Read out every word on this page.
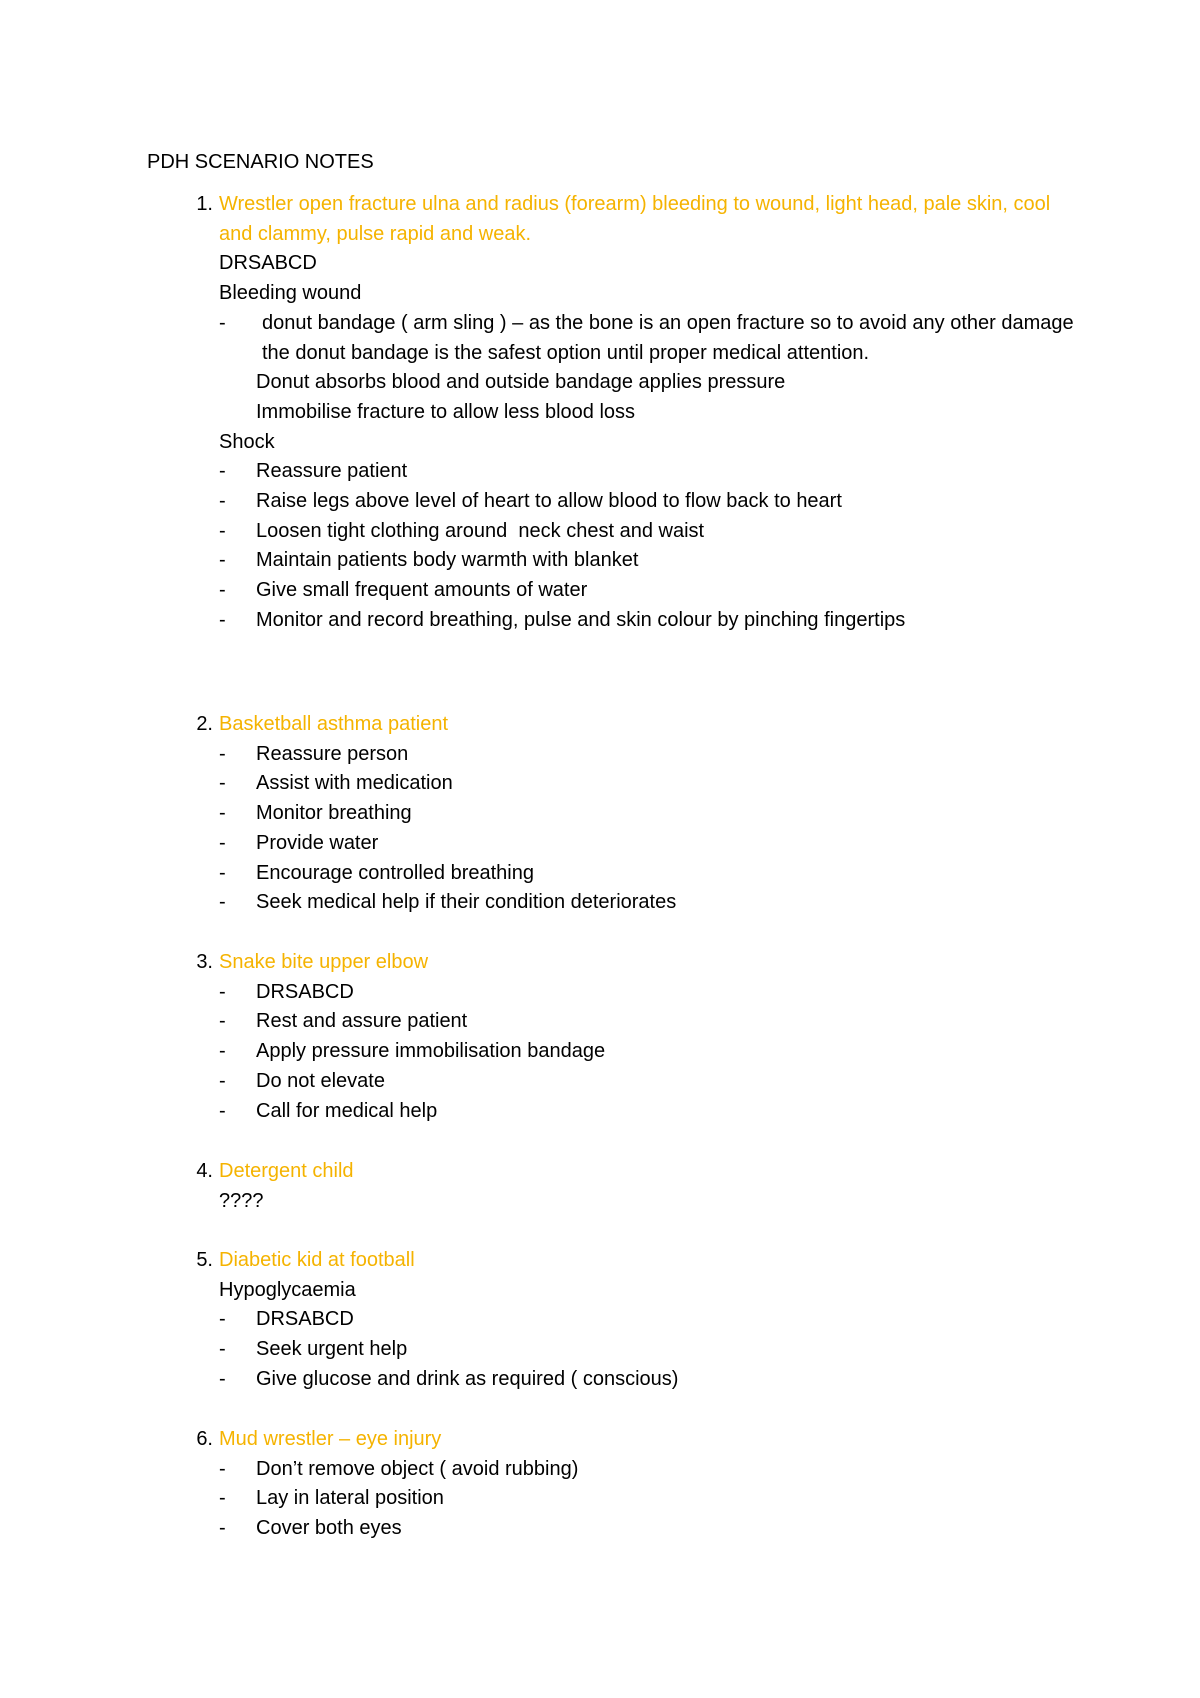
PDH SCENARIO NOTES
1. Wrestler open fracture ulna and radius (forearm) bleeding to wound, light head, pale skin, cool and clammy, pulse rapid and weak.
DRSABCD
Bleeding wound
-	donut bandage ( arm sling ) – as the bone is an open fracture so to avoid any other damage the donut bandage is the safest option until proper medical attention.
Donut absorbs blood and outside bandage applies pressure
Immobilise fracture to allow less blood loss
Shock
- Reassure patient
- Raise legs above level of heart to allow blood to flow back to heart
- Loosen tight clothing around  neck chest and waist
- Maintain patients body warmth with blanket
- Give small frequent amounts of water
- Monitor and record breathing, pulse and skin colour by pinching fingertips
2. Basketball asthma patient
- Reassure person
- Assist with medication
- Monitor breathing
- Provide water
- Encourage controlled breathing
- Seek medical help if their condition deteriorates
3. Snake bite upper elbow
- DRSABCD
- Rest and assure patient
- Apply pressure immobilisation bandage
- Do not elevate
- Call for medical help
4. Detergent child
????
5. Diabetic kid at football
Hypoglycaemia
- DRSABCD
- Seek urgent help
- Give glucose and drink as required ( conscious)
6. Mud wrestler – eye injury
- Don’t remove object ( avoid rubbing)
- Lay in lateral position
- Cover both eyes
